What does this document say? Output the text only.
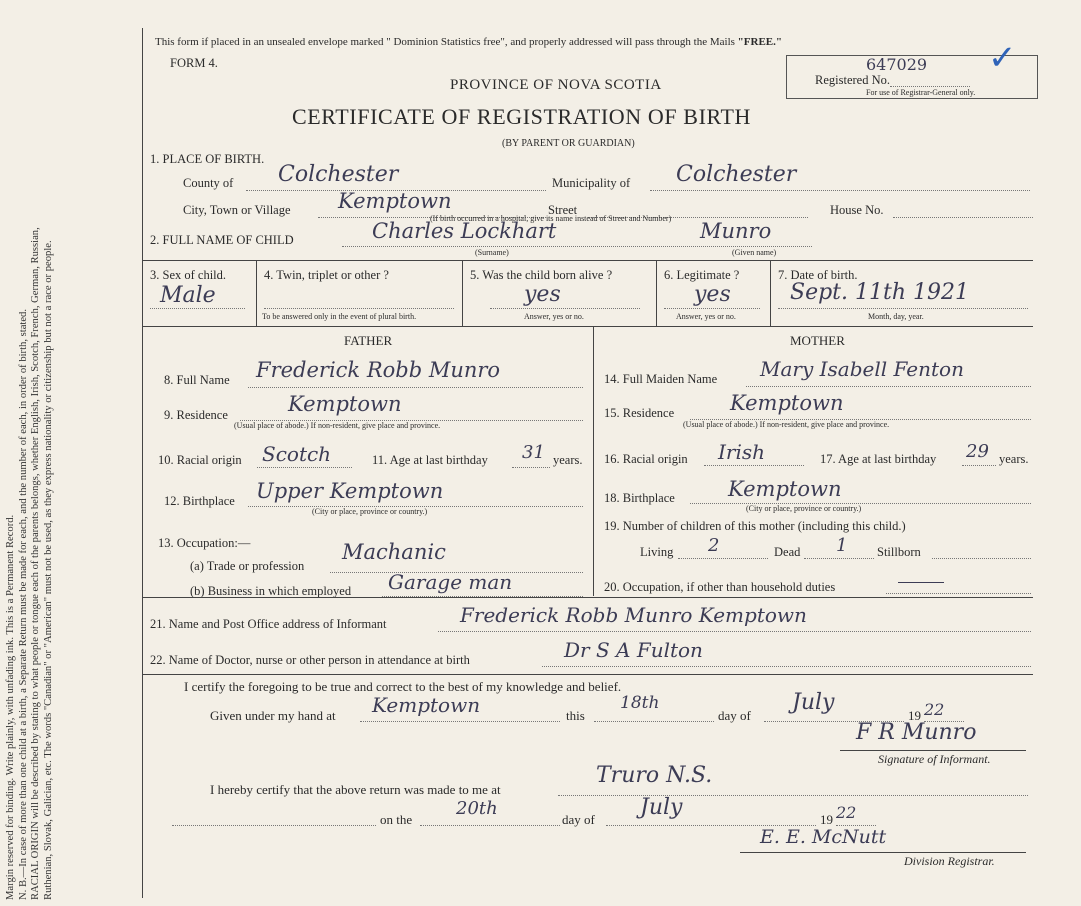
Margin reserved for binding. Write plainly, with unfading ink. This is a Permanent Record. N. B.—In case of more than one child at a birth, a Separate Return must be made for each, and the number of each, in order of birth, stated. RACIAL ORIGIN will be described by stating to what people or tongue each of the parents belongs, whether English, Irish, Scotch, French, German, Russian, Ruthenian, Slovak, Galician, etc. The words "Canadian" or "American" must not be used, as they express nationality or citizenship but not a race or people.
This form if placed in an unsealed envelope marked " Dominion Statistics free", and properly addressed will pass through the Mails "FREE."
FORM 4.
PROVINCE OF NOVA SCOTIA
CERTIFICATE OF REGISTRATION OF BIRTH
(BY PARENT OR GUARDIAN)
Registered No.
647029
For use of Registrar-General only.
✓
1. PLACE OF BIRTH.
County of Colchester	Municipality of Colchester
City, Town or Village Kemptown	Street	House No.
(If birth occurred in a hospital, give its name instead of Street and Number)
2. FULL NAME OF CHILD	Charles Lockhart	Munro
(Surname)	(Given name)
3. Sex of child.
Male
4. Twin, triplet or other ?
To be answered only in the event of plural birth.
5. Was the child born alive ?
yes
Answer, yes or no.
6. Legitimate ?
yes
Answer, yes or no.
7. Date of birth.
Sept. 11th 1921
Month, day, year.
FATHER	MOTHER
8. Full Name Frederick Robb Munro
9. Residence	Kemptown
(Usual place of abode.) If non-resident, give place and province.
10. Racial origin Scotch	11. Age at last birthday 31 years.
12. Birthplace Upper Kemptown
(City or place, province or country.)
13. Occupation:—
(a) Trade or profession
Machanic
(b) Business in which employed Garage man
14. Full Maiden Name Mary Isabell Fenton
15. Residence	Kemptown
(Usual place of abode.) If non-resident, give place and province.
16. Racial origin Irish	17. Age at last birthday 29 years.
18. Birthplace	Kemptown
(City or place, province or country.)
19. Number of children of this mother (including this child.)
Living 2	Dead 1 Stillborn
20. Occupation, if other than household duties
21. Name and Post Office address of Informant	Frederick Robb Munro Kemptown
22. Name of Doctor, nurse or other person in attendance at birth	Dr S A Fulton
I certify the foregoing to be true and correct to the best of my knowledge and belief.
Given under my hand at Kemptown	this
18th
day of
July
19 22
F R Munro
Signature of Informant.
I hereby certify that the above return was made to me at
Truro N.S.
on the
20th
day of July	19 22
E. E. McNutt
Division Registrar.
